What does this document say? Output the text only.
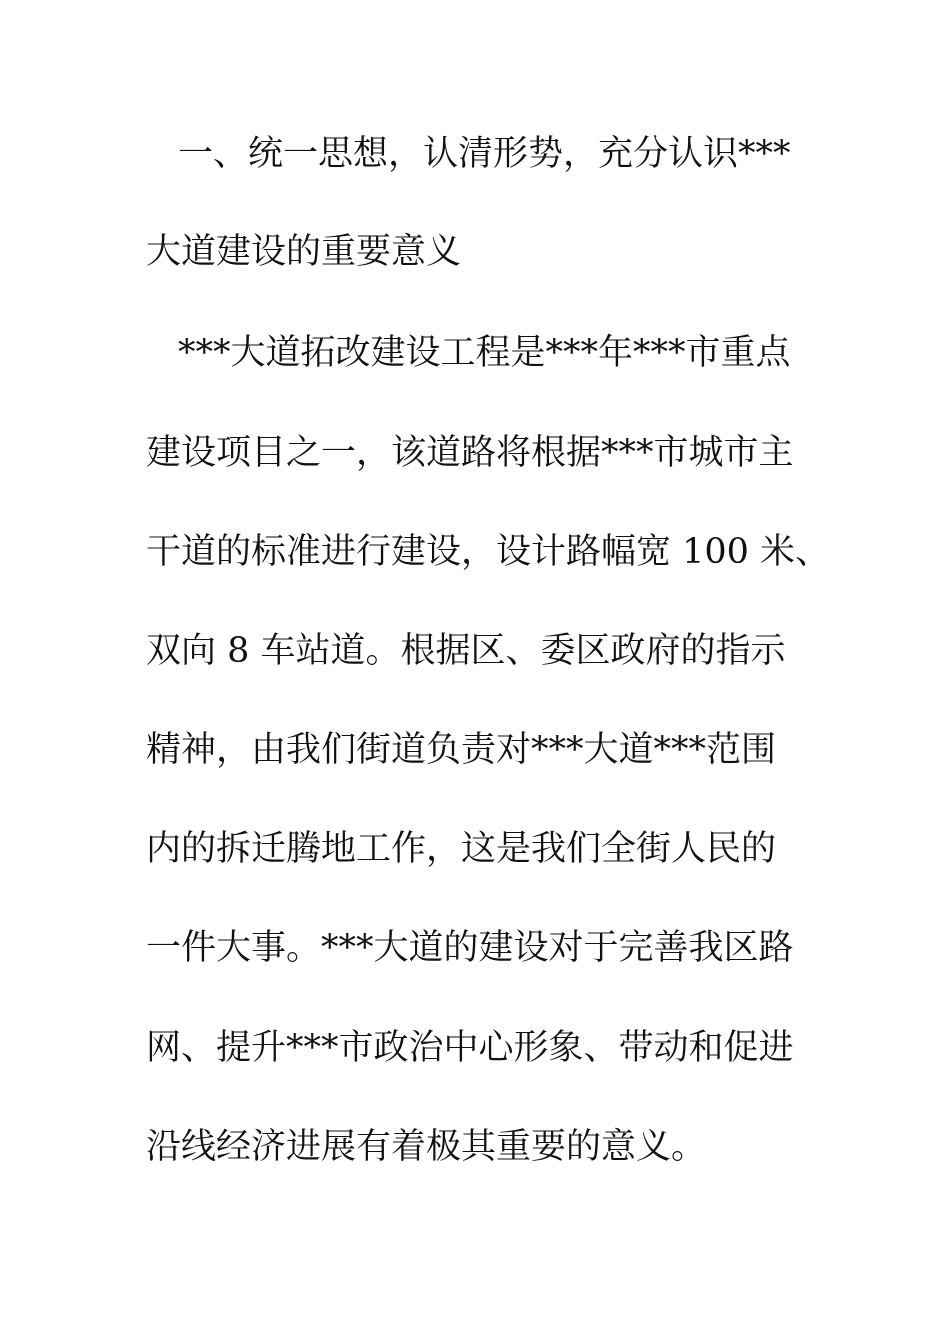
一、统一思想，认清形势，充分认识***
大道建设的重要意义
***大道拓改建设工程是***年***市重点
建设项目之一，该道路将根据***市城市主
干道的标准进行建设，设计路幅宽 100 米、
双向 8 车站道。根据区、委区政府的指示
精神，由我们街道负责对***大道***范围
内的拆迁腾地工作，这是我们全街人民的
一件大事。***大道的建设对于完善我区路
网、提升***市政治中心形象、带动和促进
沿线经济进展有着极其重要的意义。
